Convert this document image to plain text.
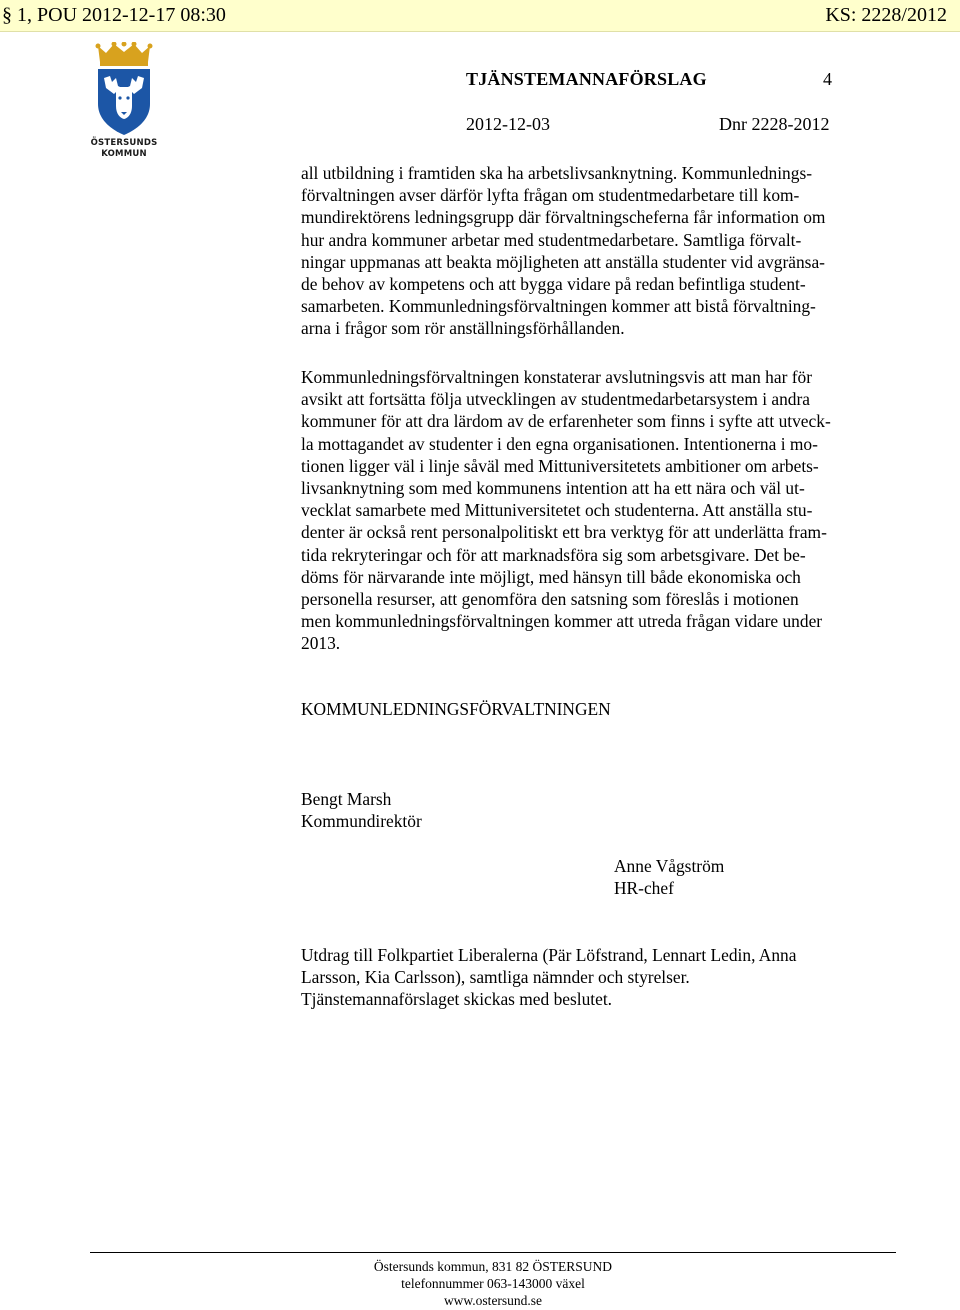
§ 1, POU 2012-12-17 08:30	KS: 2228/2012
ÖSTERSUNDS
KOMMUN
TJÄNSTEMANNAFÖRSLAG	4
2012-12-03	Dnr 2228-2012
all utbildning i framtiden ska ha arbetslivsanknytning. Kommunlednings-
förvaltningen avser därför lyfta frågan om studentmedarbetare till kom-
mundirektörens ledningsgrupp där förvaltningscheferna får information om
hur andra kommuner arbetar med studentmedarbetare. Samtliga förvalt-
ningar uppmanas att beakta möjligheten att anställa studenter vid avgränsa-
de behov av kompetens och att bygga vidare på redan befintliga student-
samarbeten. Kommunledningsförvaltningen kommer att bistå förvaltning-
arna i frågor som rör anställningsförhållanden.
Kommunledningsförvaltningen konstaterar avslutningsvis att man har för
avsikt att fortsätta följa utvecklingen av studentmedarbetarsystem i andra
kommuner för att dra lärdom av de erfarenheter som finns i syfte att utveck-
la mottagandet av studenter i den egna organisationen. Intentionerna i mo-
tionen ligger väl i linje såväl med Mittuniversitetets ambitioner om arbets-
livsanknytning som med kommunens intention att ha ett nära och väl ut-
vecklat samarbete med Mittuniversitetet och studenterna. Att anställa stu-
denter är också rent personalpolitiskt ett bra verktyg för att underlätta fram-
tida rekryteringar och för att marknadsföra sig som arbetsgivare. Det be-
döms för närvarande inte möjligt, med hänsyn till både ekonomiska och
personella resurser, att genomföra den satsning som föreslås i motionen
men kommunledningsförvaltningen kommer att utreda frågan vidare under
2013.
KOMMUNLEDNINGSFÖRVALTNINGEN
Bengt Marsh
Kommundirektör
Anne Vågström
HR-chef
Utdrag till Folkpartiet Liberalerna (Pär Löfstrand, Lennart Ledin, Anna
Larsson, Kia Carlsson), samtliga nämnder och styrelser.
Tjänstemannaförslaget skickas med beslutet.
Östersunds kommun, 831 82 ÖSTERSUND
telefonnummer 063-143000 växel
www.ostersund.se
